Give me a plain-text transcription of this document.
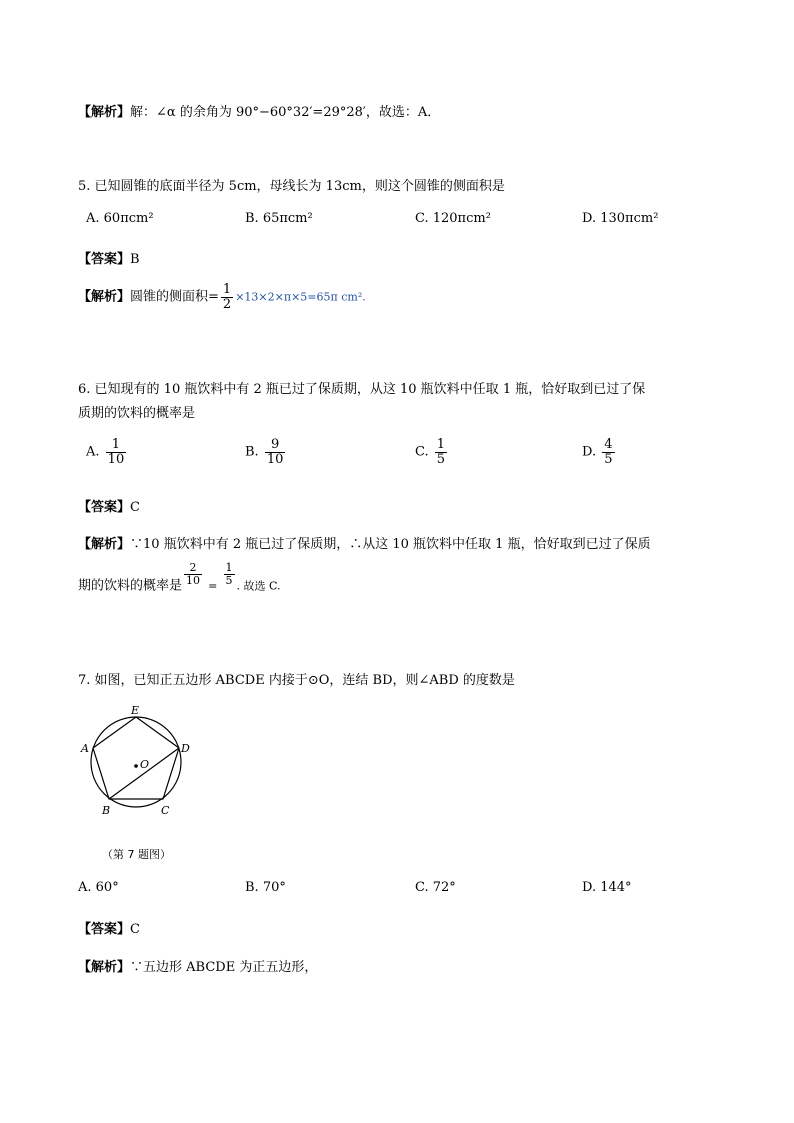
【解析】解：∠α 的余角为 90°−60°32′=29°28′，故选：A．
5. 已知圆锥的底面半径为 5cm，母线长为 13cm，则这个圆锥的侧面积是
A. 60πcm²	B. 65πcm²	C. 120πcm²	D. 130πcm²
【答案】B
【解析】圆锥的侧面积= $\frac{1}{2} \times 13\times 2\times\pi\times 5=65\pi$ cm².
6. 已知现有的 10 瓶饮料中有 2 瓶已过了保质期，从这 10 瓶饮料中任取 1 瓶，恰好取到已过了保
质期的饮料的概率是
A. $\frac{1}{10}$	B. $\frac{9}{10}$	C. $\frac{1}{5}$	D. $\frac{4}{5}$
【答案】C
【解析】∵10 瓶饮料中有 2 瓶已过了保质期，∴从这 10 瓶饮料中任取 1 瓶，恰好取到已过了保质
期的饮料的概率是 $\frac{2}{10} _= \frac{1}{5} _{. 故选 C.}$
7. 如图，已知正五边形 ABCDE 内接于⊙O，连结 BD，则∠ABD 的度数是
E
A	D
O
B	C
（第 7 题图）
A. 60°	B. 70°	C. 72°	D. 144°
【答案】C
【解析】∵五边形 ABCDE 为正五边形，
